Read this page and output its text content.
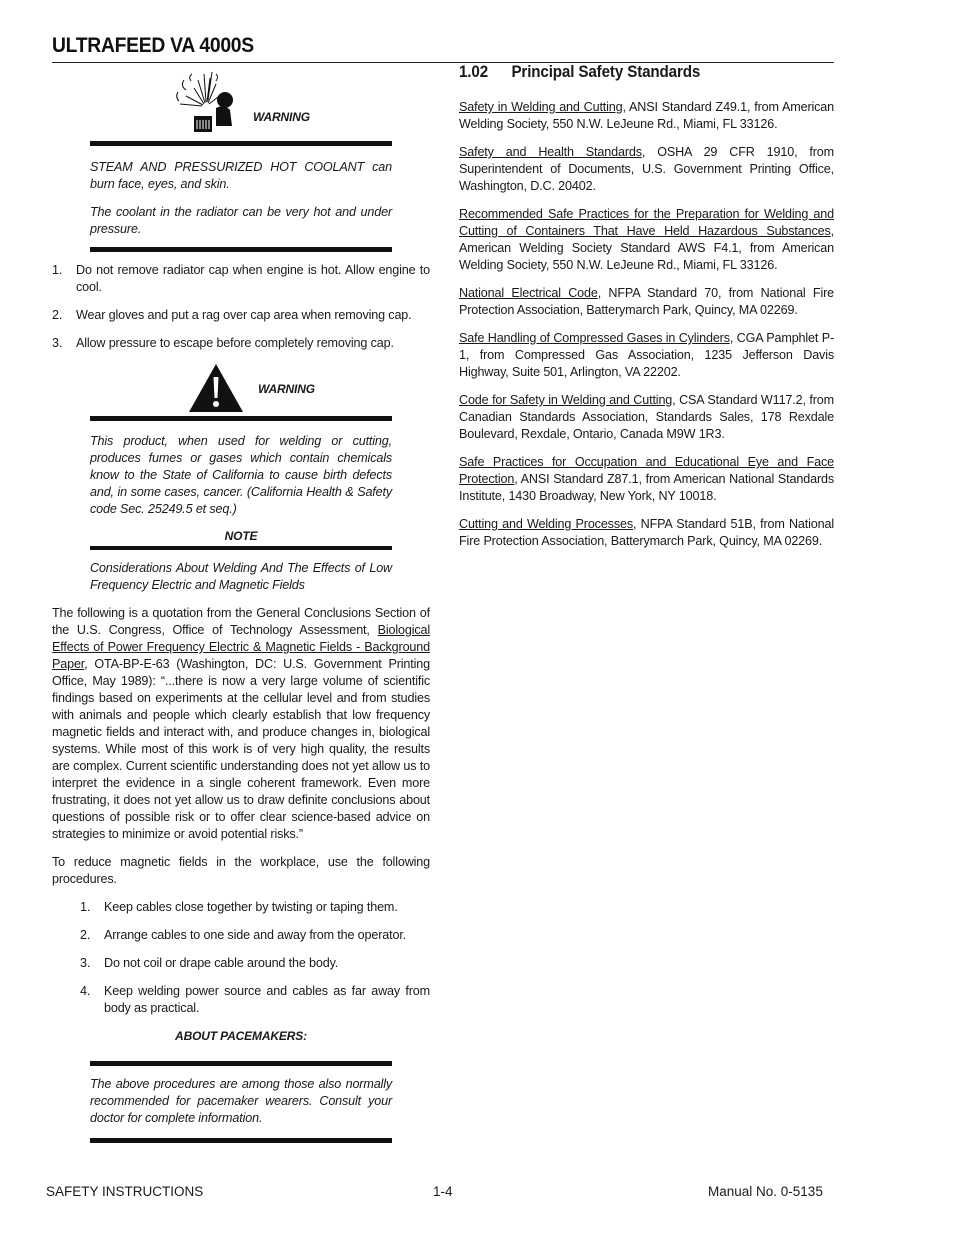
ULTRAFEED VA 4000S
WARNING

STEAM AND PRESSURIZED HOT COOLANT can burn face, eyes, and skin.

The coolant in the radiator can be very hot and under pressure.

1. Do not remove radiator cap when engine is hot. Allow engine to cool.
2. Wear gloves and put a rag over cap area when removing cap.
3. Allow pressure to escape before completely removing cap.
WARNING

This product, when used for welding or cutting, produces fumes or gases which contain chemicals know to the State of California to cause birth defects and, in some cases, cancer. (California Health & Safety code Sec. 25249.5 et seq.)

NOTE

Considerations About Welding And The Effects of Low Frequency Electric and Magnetic Fields

The following is a quotation from the General Conclusions Section of the U.S. Congress, Office of Technology Assessment, Biological Effects of Power Frequency Electric & Magnetic Fields - Background Paper, OTA-BP-E-63 (Washington, DC: U.S. Government Printing Office, May 1989): “...there is now a very large volume of scientific findings based on experiments at the cellular level and from studies with animals and people which clearly establish that low frequency magnetic fields and interact with, and produce changes in, biological systems. While most of this work is of very high quality, the results are complex. Current scientific understanding does not yet allow us to interpret the evidence in a single coherent framework. Even more frustrating, it does not yet allow us to draw definite conclusions about questions of possible risk or to offer clear science-based advice on strategies to minimize or avoid potential risks.”

To reduce magnetic fields in the workplace, use the following procedures.

1. Keep cables close together by twisting or taping them.
2. Arrange cables to one side and away from the operator.
3. Do not coil or drape cable around the body.
4. Keep welding power source and cables as far away from body as practical.
ABOUT PACEMAKERS:

The above procedures are among those also normally recommended for pacemaker wearers. Consult your doctor for complete information.

1.02 Principal Safety Standards

Safety in Welding and Cutting, ANSI Standard Z49.1, from American Welding Society, 550 N.W. LeJeune Rd., Miami, FL 33126.

Safety and Health Standards, OSHA 29 CFR 1910, from Superintendent of Documents, U.S. Government Printing Office, Washington, D.C. 20402.

Recommended Safe Practices for the Preparation for Welding and Cutting of Containers That Have Held Hazardous Substances, American Welding Society Standard AWS F4.1, from American Welding Society, 550 N.W. LeJeune Rd., Miami, FL 33126.

National Electrical Code, NFPA Standard 70, from National Fire Protection Association, Batterymarch Park, Quincy, MA 02269.

Safe Handling of Compressed Gases in Cylinders, CGA Pamphlet P-1, from Compressed Gas Association, 1235 Jefferson Davis Highway, Suite 501, Arlington, VA 22202.

Code for Safety in Welding and Cutting, CSA Standard W117.2, from Canadian Standards Association, Standards Sales, 178 Rexdale Boulevard, Rexdale, Ontario, Canada M9W 1R3.

Safe Practices for Occupation and Educational Eye and Face Protection, ANSI Standard Z87.1, from American National Standards Institute, 1430 Broadway, New York, NY 10018.

Cutting and Welding Processes, NFPA Standard 51B, from National Fire Protection Association, Batterymarch Park, Quincy, MA 02269.

SAFETY INSTRUCTIONS	1-4	Manual No. 0-5135
